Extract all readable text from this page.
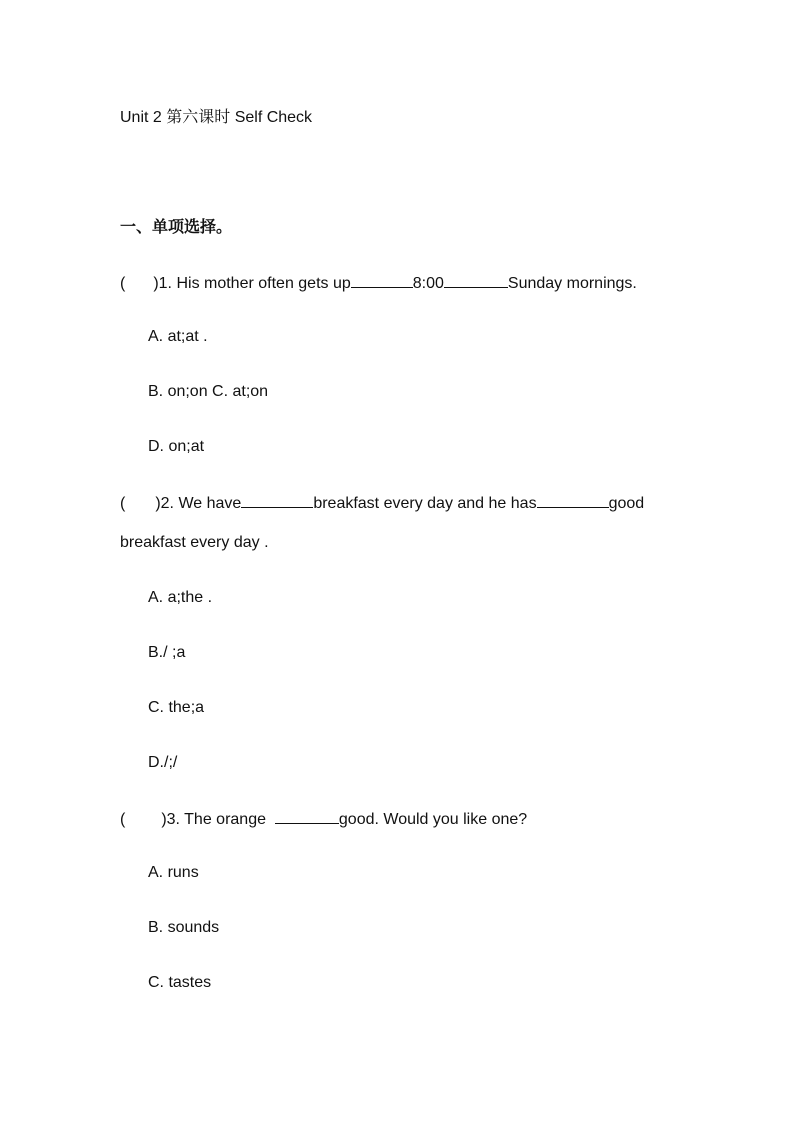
Unit 2 第六课时 Self Check
一、单项选择。
( )1. His mother often gets up	8:00	Sunday mornings.
A. at;at .
B. on;on C. at;on
D. on;at
( )2. We have	breakfast every day and he has	good
breakfast every day .
A. a;the .
B./ ;a
C. the;a
D./;/
( )3. The orange	good. Would you like one?
A. runs
B. sounds
C. tastes
